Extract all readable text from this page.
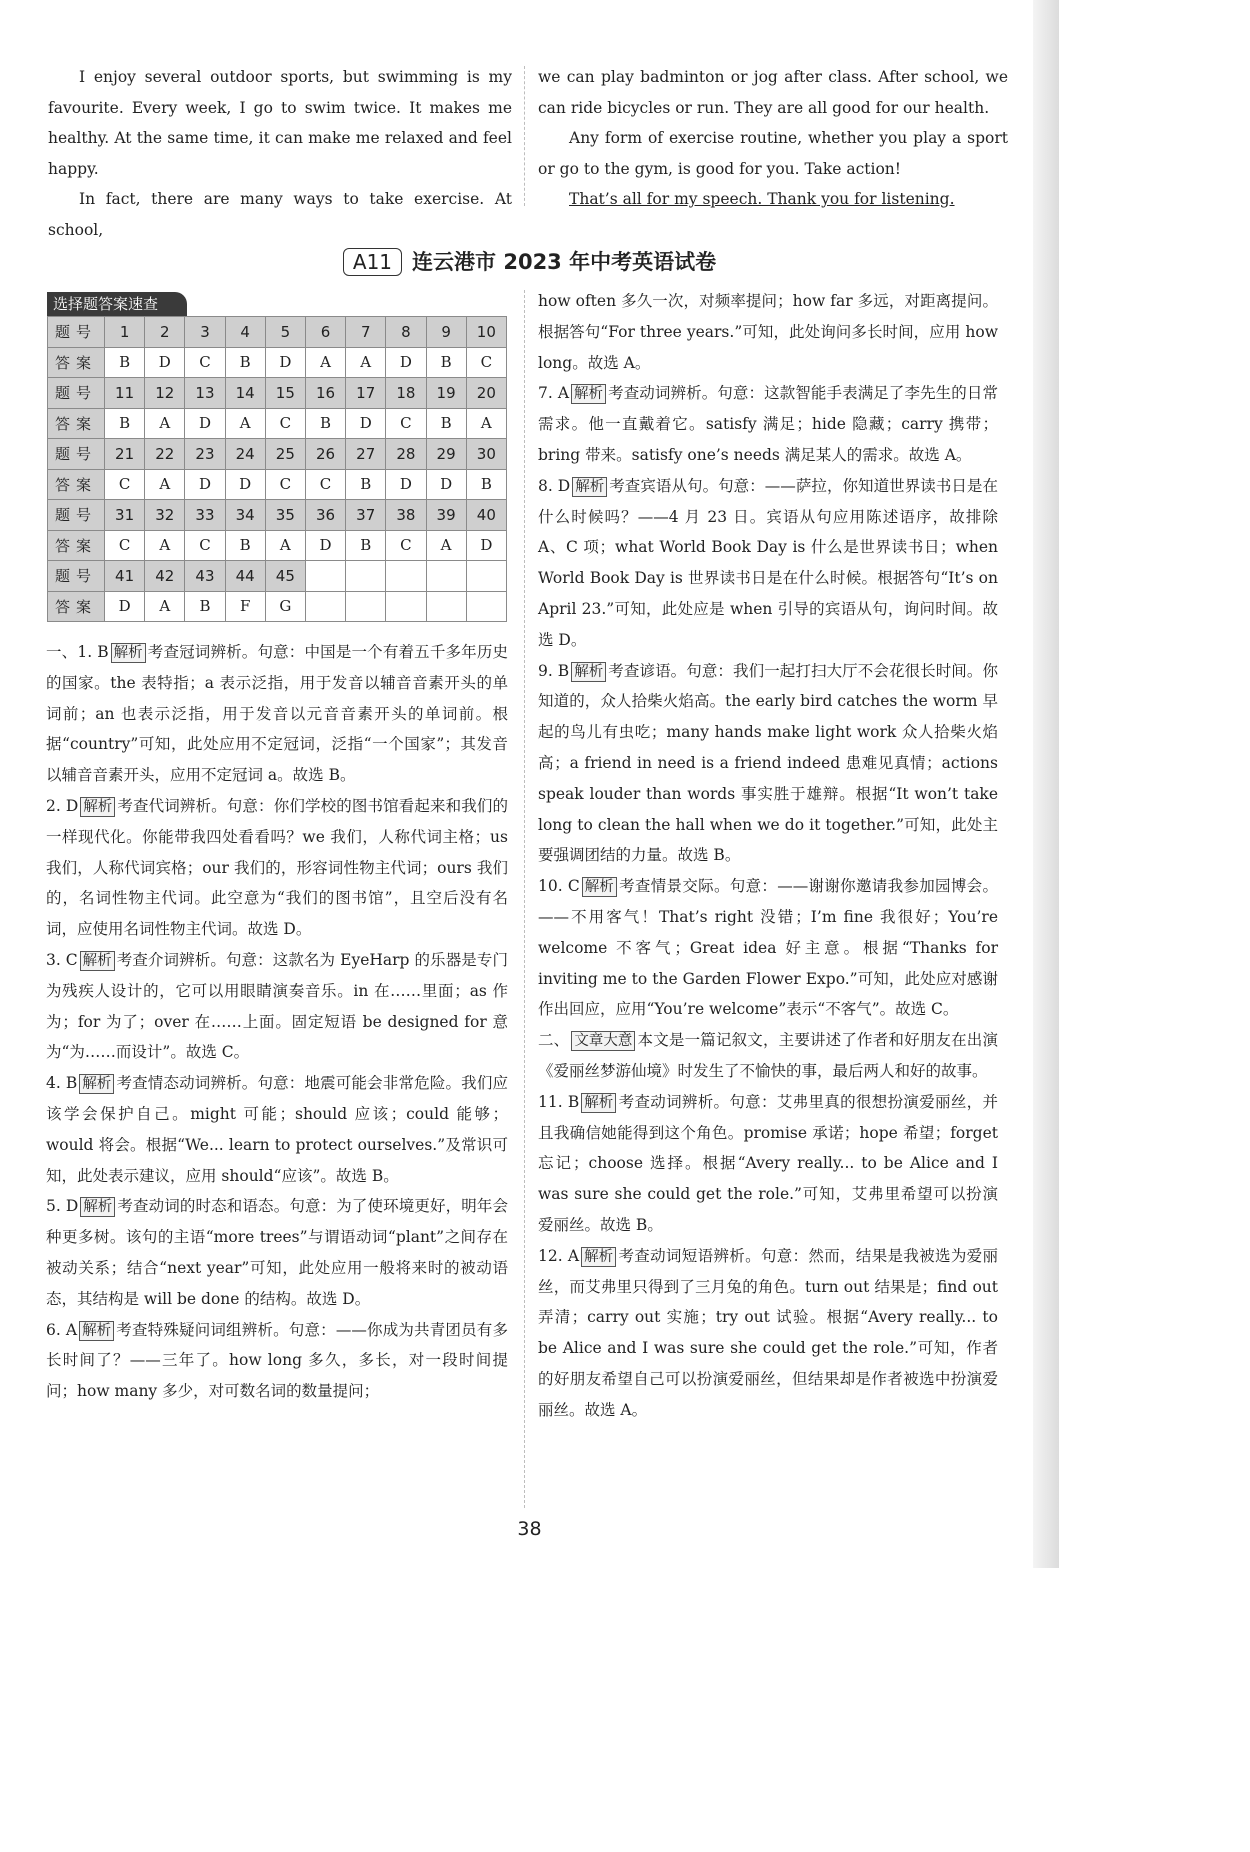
I enjoy several outdoor sports, but swimming is my favourite. Every week, I go to swim twice. It makes me healthy. At the same time, it can make me relaxed and feel happy.

In fact, there are many ways to take exercise. At school,

we can play badminton or jog after class. After school, we can ride bicycles or run. They are all good for our health.

Any form of exercise routine, whether you play a sport or go to the gym, is good for you. Take action!

That’s all for my speech. Thank you for listening.

A11 连云港市 2023 年中考英语试卷
选择题答案速查
题号	1	2	3	4	5	6	7	8	9	10
答案	B	D	C	B	D	A	A	D	B	C
题号	11	12	13	14	15	16	17	18	19	20
答案	B	A	D	A	C	B	D	C	B	A
题号	21	22	23	24	25	26	27	28	29	30
答案	C	A	D	D	C	C	B	D	D	B
题号	31	32	33	34	35	36	37	38	39	40
答案	C	A	C	B	A	D	B	C	A	D
题号	41	42	43	44	45					
答案	D	A	B	F	G					

一、1. B 解析 考查冠词辨析。句意：中国是一个有着五千多年历史的国家。the 表特指；a 表示泛指，用于发音以辅音音素开头的单词前；an 也表示泛指，用于发音以元音音素开头的单词前。根据“country”可知，此处应用不定冠词，泛指“一个国家”；其发音以辅音音素开头，应用不定冠词 a。故选 B。

2. D 解析 考查代词辨析。句意：你们学校的图书馆看起来和我们的一样现代化。你能带我四处看看吗？we 我们，人称代词主格；us 我们，人称代词宾格；our 我们的，形容词性物主代词；ours 我们的，名词性物主代词。此空意为“我们的图书馆”，且空后没有名词，应使用名词性物主代词。故选 D。

3. C 解析 考查介词辨析。句意：这款名为 EyeHarp 的乐器是专门为残疾人设计的，它可以用眼睛演奏音乐。in 在……里面；as 作为；for 为了；over 在……上面。固定短语 be designed for 意为“为……而设计”。故选 C。

4. B 解析 考查情态动词辨析。句意：地震可能会非常危险。我们应该学会保护自己。might 可能；should 应该；could 能够；would 将会。根据“We... learn to protect ourselves.”及常识可知，此处表示建议，应用 should“应该”。故选 B。

5. D 解析 考查动词的时态和语态。句意：为了使环境更好，明年会种更多树。该句的主语“more trees”与谓语动词“plant”之间存在被动关系；结合“next year”可知，此处应用一般将来时的被动语态，其结构是 will be done 的结构。故选 D。

6. A 解析 考查特殊疑问词组辨析。句意：——你成为共青团员有多长时间了？——三年了。how long 多久，多长，对一段时间提问；how many 多少，对可数名词的数量提问；

how often 多久一次，对频率提问；how far 多远，对距离提问。根据答句“For three years.”可知，此处询问多长时间，应用 how long。故选 A。

7. A 解析 考查动词辨析。句意：这款智能手表满足了李先生的日常需求。他一直戴着它。satisfy 满足；hide 隐藏；carry 携带；bring 带来。satisfy one’s needs 满足某人的需求。故选 A。

8. D 解析 考查宾语从句。句意：——萨拉，你知道世界读书日是在什么时候吗？——4 月 23 日。宾语从句应用陈述语序，故排除 A、C 项；what World Book Day is 什么是世界读书日；when World Book Day is 世界读书日是在什么时候。根据答句“It’s on April 23.”可知，此处应是 when 引导的宾语从句，询问时间。故选 D。

9. B 解析 考查谚语。句意：我们一起打扫大厅不会花很长时间。你知道的，众人拾柴火焰高。the early bird catches the worm 早起的鸟儿有虫吃；many hands make light work 众人拾柴火焰高；a friend in need is a friend indeed 患难见真情；actions speak louder than words 事实胜于雄辩。根据“It won’t take long to clean the hall when we do it together.”可知，此处主要强调团结的力量。故选 B。

10. C 解析 考查情景交际。句意：——谢谢你邀请我参加园博会。——不用客气！That’s right 没错；I’m fine 我很好；You’re welcome 不客气；Great idea 好主意。根据“Thanks for inviting me to the Garden Flower Expo.”可知，此处应对感谢作出回应，应用“You’re welcome”表示“不客气”。故选 C。

二、 文章大意 本文是一篇记叙文，主要讲述了作者和好朋友在出演《爱丽丝梦游仙境》时发生了不愉快的事，最后两人和好的故事。

11. B 解析 考查动词辨析。句意：艾弗里真的很想扮演爱丽丝，并且我确信她能得到这个角色。promise 承诺；hope 希望；forget 忘记；choose 选择。根据“Avery really... to be Alice and I was sure she could get the role.”可知，艾弗里希望可以扮演爱丽丝。故选 B。

12. A 解析 考查动词短语辨析。句意：然而，结果是我被选为爱丽丝，而艾弗里只得到了三月兔的角色。turn out 结果是；find out 弄清；carry out 实施；try out 试验。根据“Avery really... to be Alice and I was sure she could get the role.”可知，作者的好朋友希望自己可以扮演爱丽丝，但结果却是作者被选中扮演爱丽丝。故选 A。

38
